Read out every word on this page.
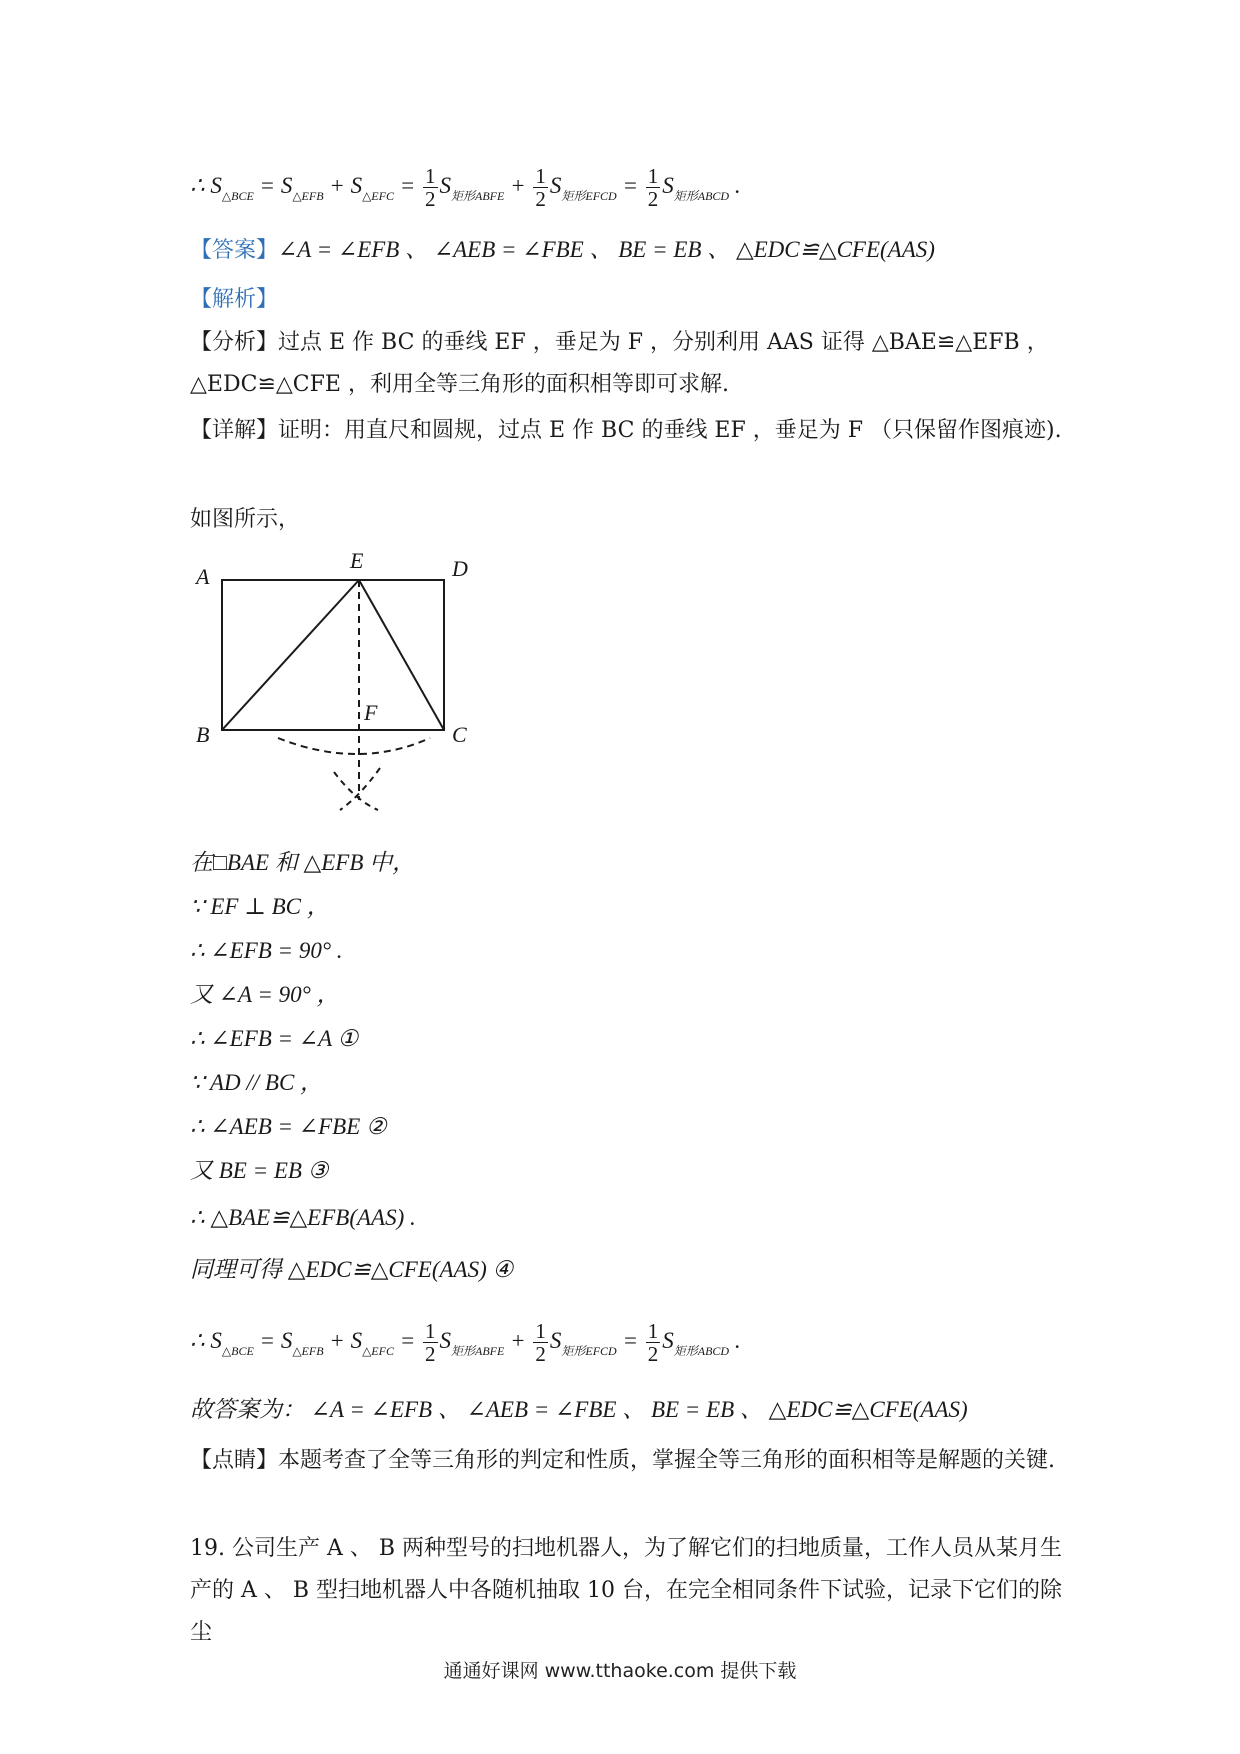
∴ $S_{\triangle BCE} = S_{\triangle EFB} + S_{\triangle EFC} = \frac{1}{2} S_{矩形ABFE} + \frac{1}{2} S_{矩形EFCD} = \frac{1}{2} S_{矩形ABCD}$ .
【答案】∠A = ∠EFB 、 ∠AEB = ∠FBE 、 BE = EB 、 △EDC≌△CFE(AAS)
【解析】
【分析】过点 E 作 BC 的垂线 EF ，垂足为 F ，分别利用 AAS 证得 △BAE≌△EFB ，△EDC≌△CFE ，利用全等三角形的面积相等即可求解.
【详解】证明：用直尺和圆规，过点 E 作 BC 的垂线 EF ，垂足为 F （只保留作图痕迹).
如图所示，
A
E	D
B
F
C
在□BAE 和 △EFB 中，
∵ EF ⊥ BC ，
∴ ∠EFB = 90° .
又 ∠A = 90° ，
∴ ∠EFB = ∠A ①
∵ AD // BC ，
∴ ∠AEB = ∠FBE ②
又 BE = EB ③
∴ △BAE≌△EFB(AAS) .
同理可得 △EDC≌△CFE(AAS) ④
∴ $S_{\triangle BCE} = S_{\triangle EFB} + S_{\triangle EFC} = \frac{1}{2} S_{矩形ABFE} + \frac{1}{2} S_{矩形EFCD} = \frac{1}{2} S_{矩形ABCD}$ .
故答案为： ∠A = ∠EFB 、 ∠AEB = ∠FBE 、 BE = EB 、 △EDC≌△CFE(AAS)
【点睛】本题考查了全等三角形的判定和性质，掌握全等三角形的面积相等是解题的关键.
19. 公司生产 A 、 B 两种型号的扫地机器人，为了解它们的扫地质量，工作人员从某月生产的 A 、 B 型扫地机器人中各随机抽取 10 台，在完全相同条件下试验，记录下它们的除尘
通通好课网 www.tthaoke.com 提供下载
